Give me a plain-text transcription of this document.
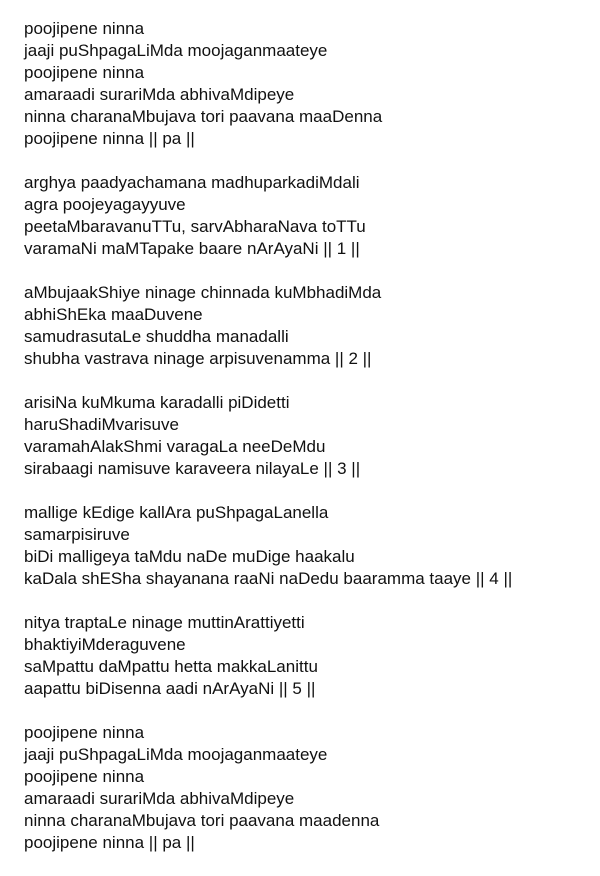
poojipene ninna
jaaji puShpagaLiMda moojaganmaateye
poojipene ninna
amaraadi surariMda abhivaMdipeye
ninna charanaMbujava tori paavana maaDenna
poojipene ninna || pa ||
arghya paadyachamana madhuparkadiMdali
agra poojeyagayyuve
peetaMbaravanuTTu, sarvAbharaNava toTTu
varamaNi maMTapake baare nArAyaNi || 1 ||
aMbujaakShiye ninage chinnada kuMbhadiMda
abhiShEka maaDuvene
samudrasutaLe shuddha manadalli
shubha vastrava ninage arpisuvenamma || 2 ||
arisiNa kuMkuma karadalli piDidetti
haruShadiMvarisuve
varamahAlakShmi varagaLa neeDeMdu
sirabaagi namisuve karaveera nilayaLe || 3 ||
mallige kEdige kallAra puShpagaLanella
samarpisiruve
biDi malligeya taMdu naDe muDige haakalu
kaDala shESha shayanana raaNi naDedu baaramma taaye || 4 ||
nitya traptaLe ninage muttinArattiyetti
bhaktiyiMderaguvene
saMpattu daMpattu hetta makkaLanittu
aapattu biDisenna aadi nArAyaNi || 5 ||
poojipene ninna
jaaji puShpagaLiMda moojaganmaateye
poojipene ninna
amaraadi surariMda abhivaMdipeye
ninna charanaMbujava tori paavana maadenna
poojipene ninna || pa ||
